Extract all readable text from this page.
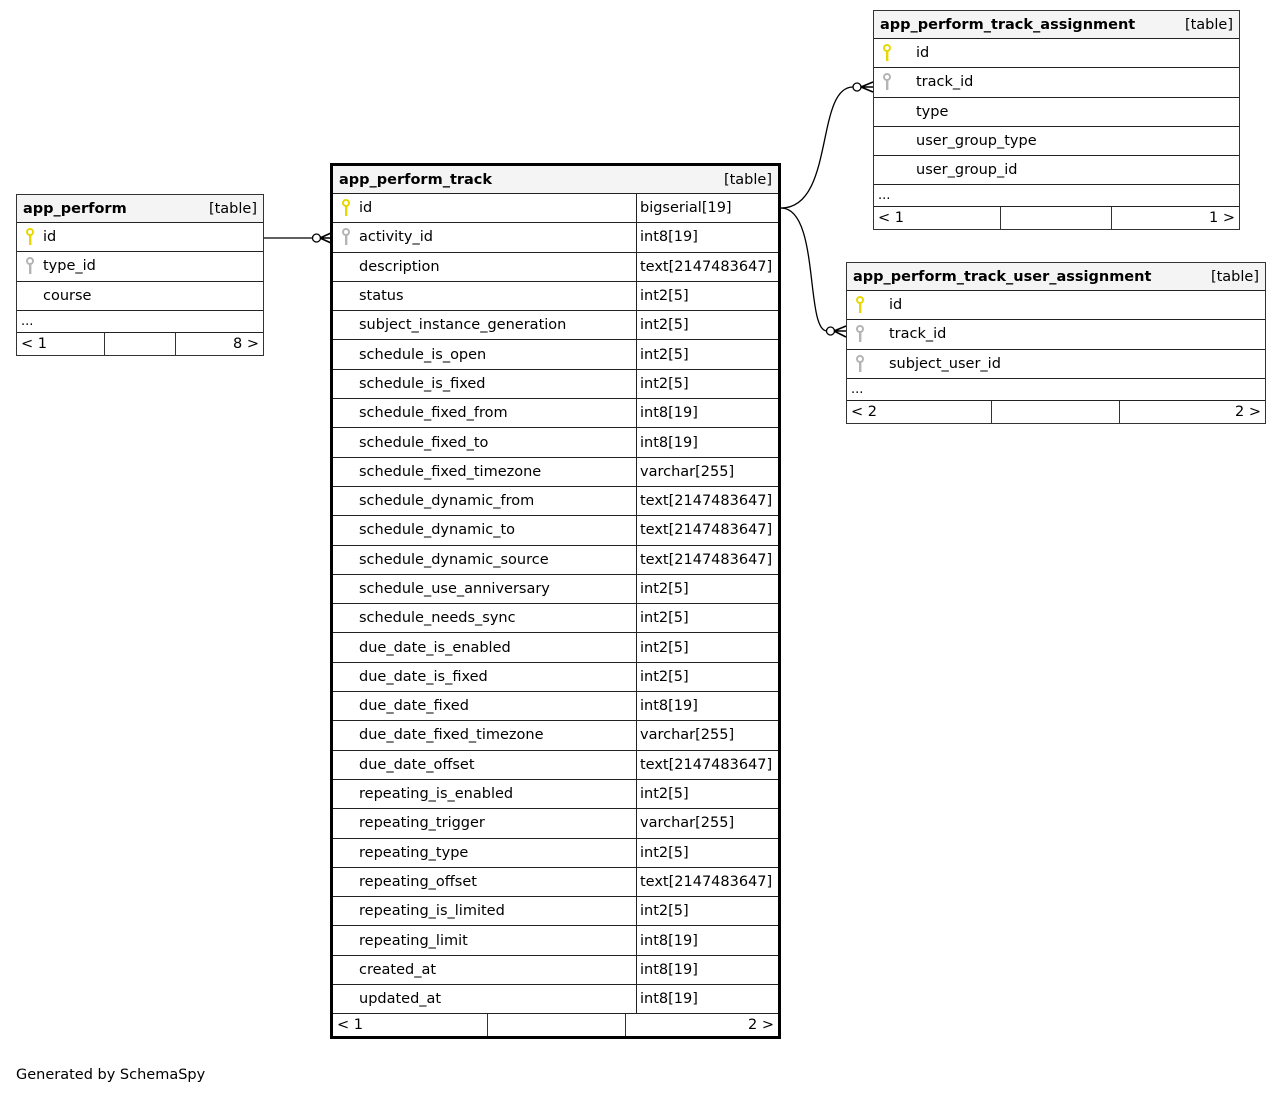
app_perform	[table]
id
type_id
course
...
< 1	8 >
app_perform_track	[table]
id	bigserial[19]
activity_id	int8[19]
description	text[2147483647]
status	int2[5]
subject_instance_generation	int2[5]
schedule_is_open	int2[5]
schedule_is_fixed	int2[5]
schedule_fixed_from	int8[19]
schedule_fixed_to	int8[19]
schedule_fixed_timezone	varchar[255]
schedule_dynamic_from	text[2147483647]
schedule_dynamic_to	text[2147483647]
schedule_dynamic_source	text[2147483647]
schedule_use_anniversary	int2[5]
schedule_needs_sync	int2[5]
due_date_is_enabled	int2[5]
due_date_is_fixed	int2[5]
due_date_fixed	int8[19]
due_date_fixed_timezone	varchar[255]
due_date_offset	text[2147483647]
repeating_is_enabled	int2[5]
repeating_trigger	varchar[255]
repeating_type	int2[5]
repeating_offset	text[2147483647]
repeating_is_limited	int2[5]
repeating_limit	int8[19]
created_at	int8[19]
updated_at	int8[19]
< 1	2 >
app_perform_track_assignment	[table]
id
track_id
type
user_group_type
user_group_id
...
< 1	1 >
app_perform_track_user_assignment	[table]
id
track_id
subject_user_id
...
< 2	2 >
Generated by SchemaSpy
